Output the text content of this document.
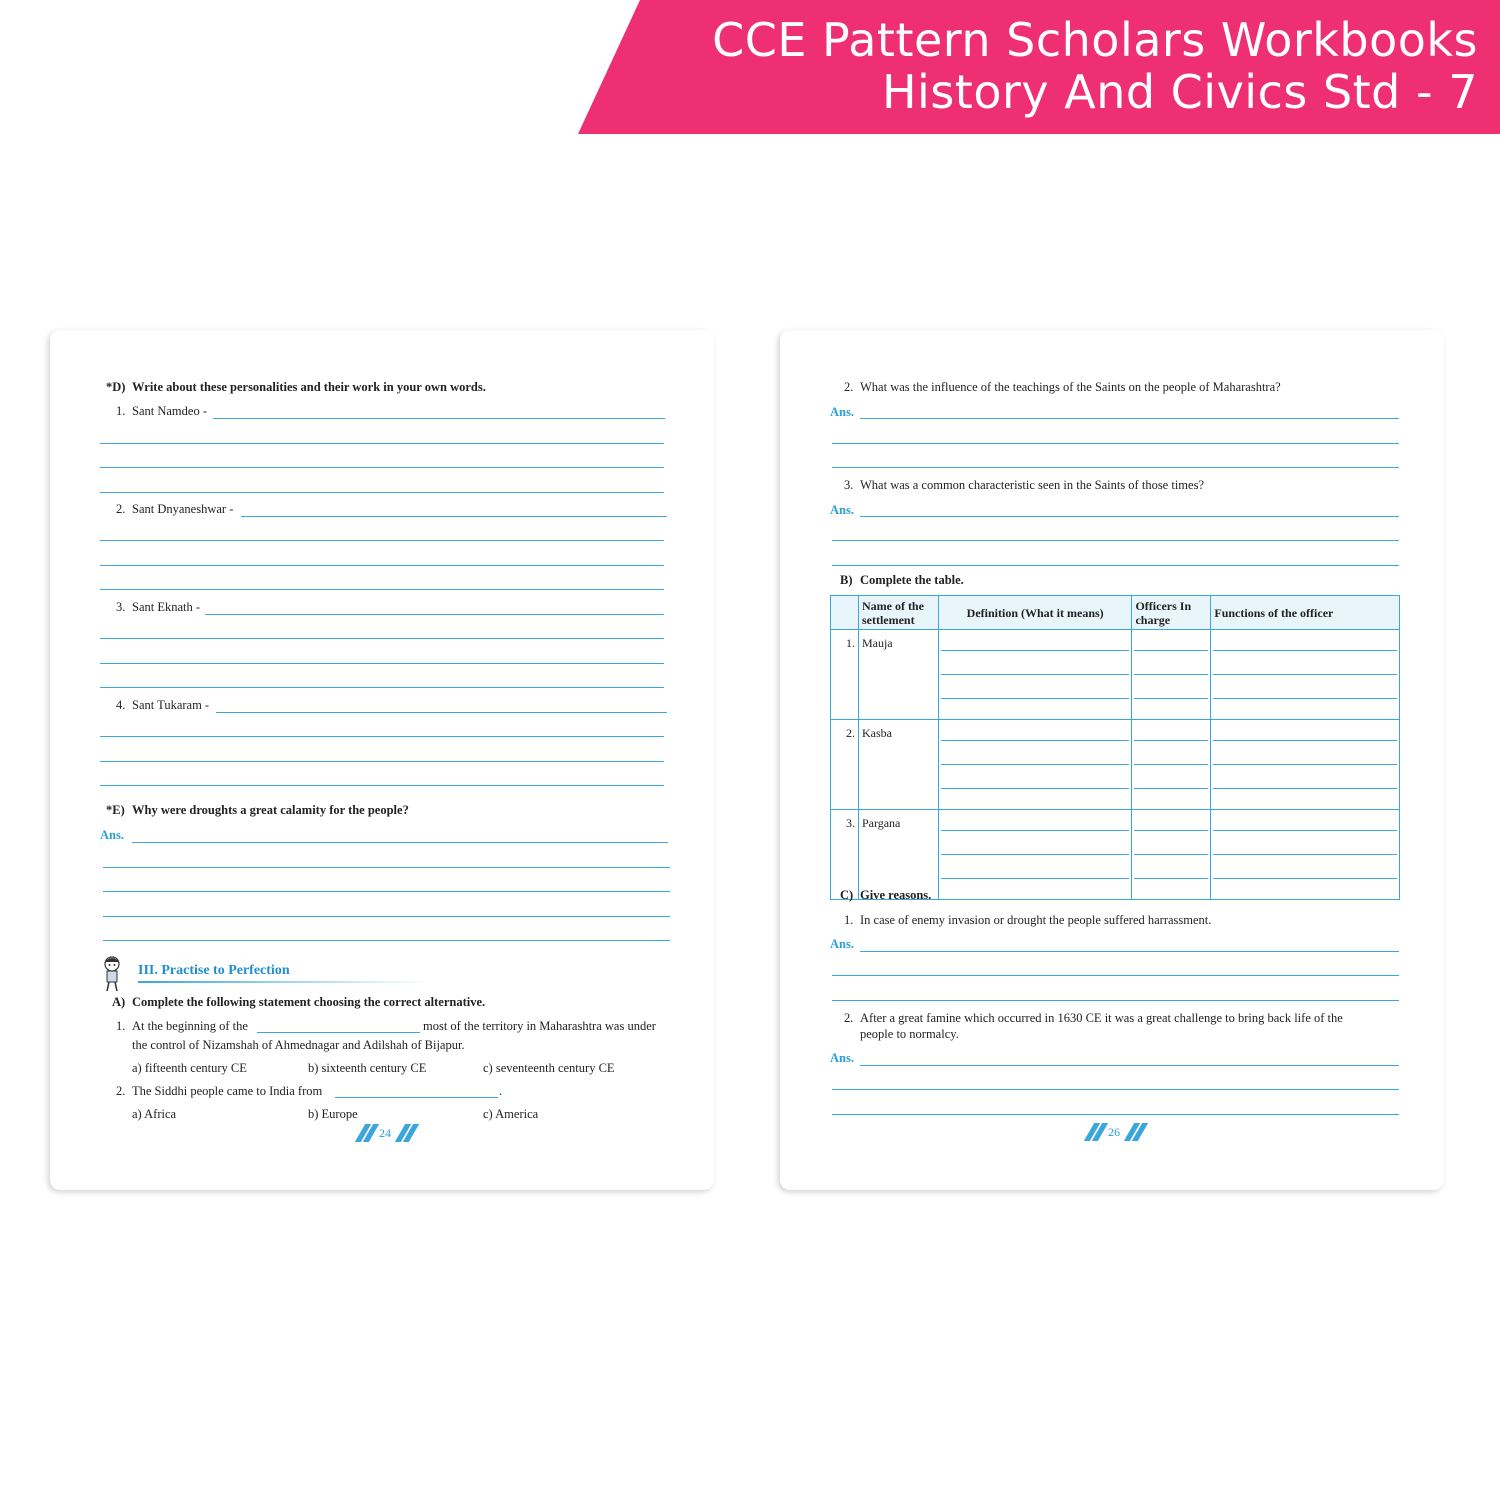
CCE Pattern Scholars Workbooks
History And Civics Std - 7
*D) Write about these personalities and their work in your own words.
1. Sant Namdeo -
2. Sant Dnyaneshwar -
3. Sant Eknath -
4. Sant Tukaram -
*E) Why were droughts a great calamity for the people?
Ans.
III. Practise to Perfection
A) Complete the following statement choosing the correct alternative.
1. At the beginning of the	most of the territory in Maharashtra was under
the control of Nizamshah of Ahmednagar and Adilshah of Bijapur.
a) fifteenth century CE	b) sixteenth century CE	c) seventeenth century CE
2. The Siddhi people came to India from	.
a) Africa	b) Europe	c) America
24
2. What was the influence of the teachings of the Saints on the people of Maharashtra?
Ans.
3. What was a common characteristic seen in the Saints of those times?
Ans.
B) Complete the table.
	Name of the settlement	Definition (What it means)	Officers In charge	Functions of the officer
1.	Mauja	

2.	Kasba	

3.	Pargana	

C) Give reasons.
1. In case of enemy invasion or drought the people suffered harrassment.
Ans.
2. After a great famine which occurred in 1630 CE it was a great challenge to bring back life of the
people to normalcy.
Ans.
26
